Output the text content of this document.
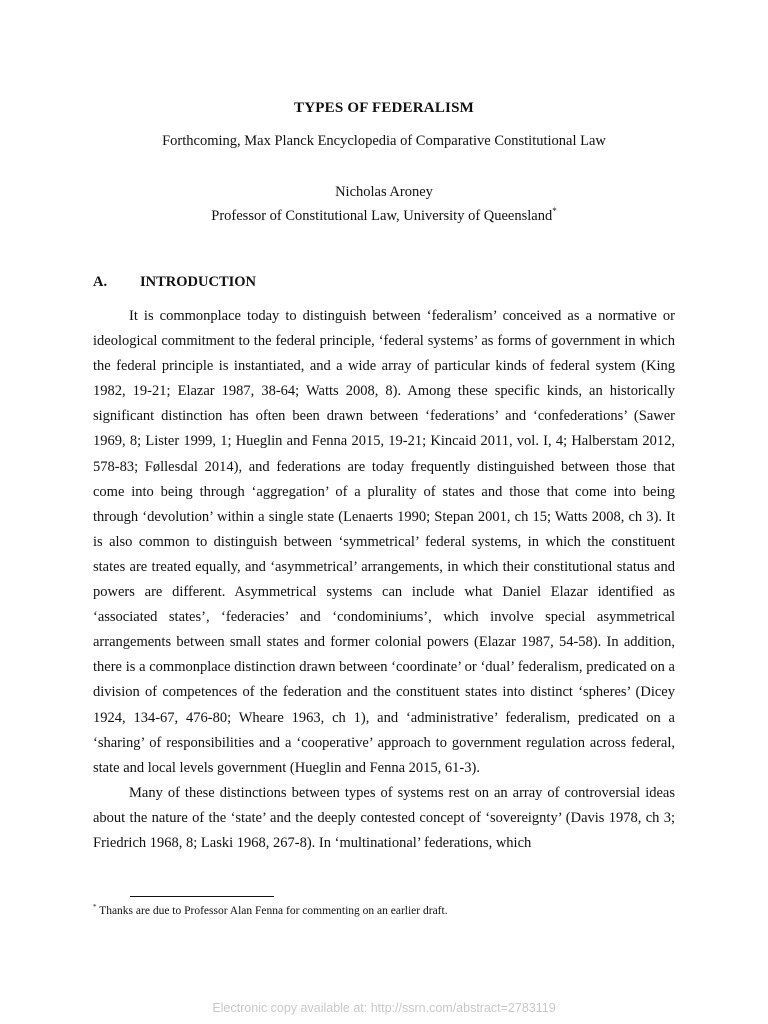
TYPES OF FEDERALISM
Forthcoming, Max Planck Encyclopedia of Comparative Constitutional Law
Nicholas Aroney
Professor of Constitutional Law, University of Queensland*
A. INTRODUCTION

It is commonplace today to distinguish between ‘federalism’ conceived as a normative or ideological commitment to the federal principle, ‘federal systems’ as forms of government in which the federal principle is instantiated, and a wide array of particular kinds of federal system (King 1982, 19-21; Elazar 1987, 38-64; Watts 2008, 8). Among these specific kinds, an historically significant distinction has often been drawn between ‘federations’ and ‘confederations’ (Sawer 1969, 8; Lister 1999, 1; Hueglin and Fenna 2015, 19-21; Kincaid 2011, vol. I, 4; Halberstam 2012, 578-83; Føllesdal 2014), and federations are today frequently distinguished between those that come into being through ‘aggregation’ of a plurality of states and those that come into being through ‘devolution’ within a single state (Lenaerts 1990; Stepan 2001, ch 15; Watts 2008, ch 3). It is also common to distinguish between ‘symmetrical’ federal systems, in which the constituent states are treated equally, and ‘asymmetrical’ arrangements, in which their constitutional status and powers are different. Asymmetrical systems can include what Daniel Elazar identified as ‘associated states’, ‘federacies’ and ‘condominiums’, which involve special asymmetrical arrangements between small states and former colonial powers (Elazar 1987, 54-58). In addition, there is a commonplace distinction drawn between ‘coordinate’ or ‘dual’ federalism, predicated on a division of competences of the federation and the constituent states into distinct ‘spheres’ (Dicey 1924, 134-67, 476-80; Wheare 1963, ch 1), and ‘administrative’ federalism, predicated on a ‘sharing’ of responsibilities and a ‘cooperative’ approach to government regulation across federal, state and local levels government (Hueglin and Fenna 2015, 61-3).

Many of these distinctions between types of systems rest on an array of controversial ideas about the nature of the ‘state’ and the deeply contested concept of ‘sovereignty’ (Davis 1978, ch 3; Friedrich 1968, 8; Laski 1968, 267-8). In ‘multinational’ federations, which

* Thanks are due to Professor Alan Fenna for commenting on an earlier draft.
Electronic copy available at: http://ssrn.com/abstract=2783119
